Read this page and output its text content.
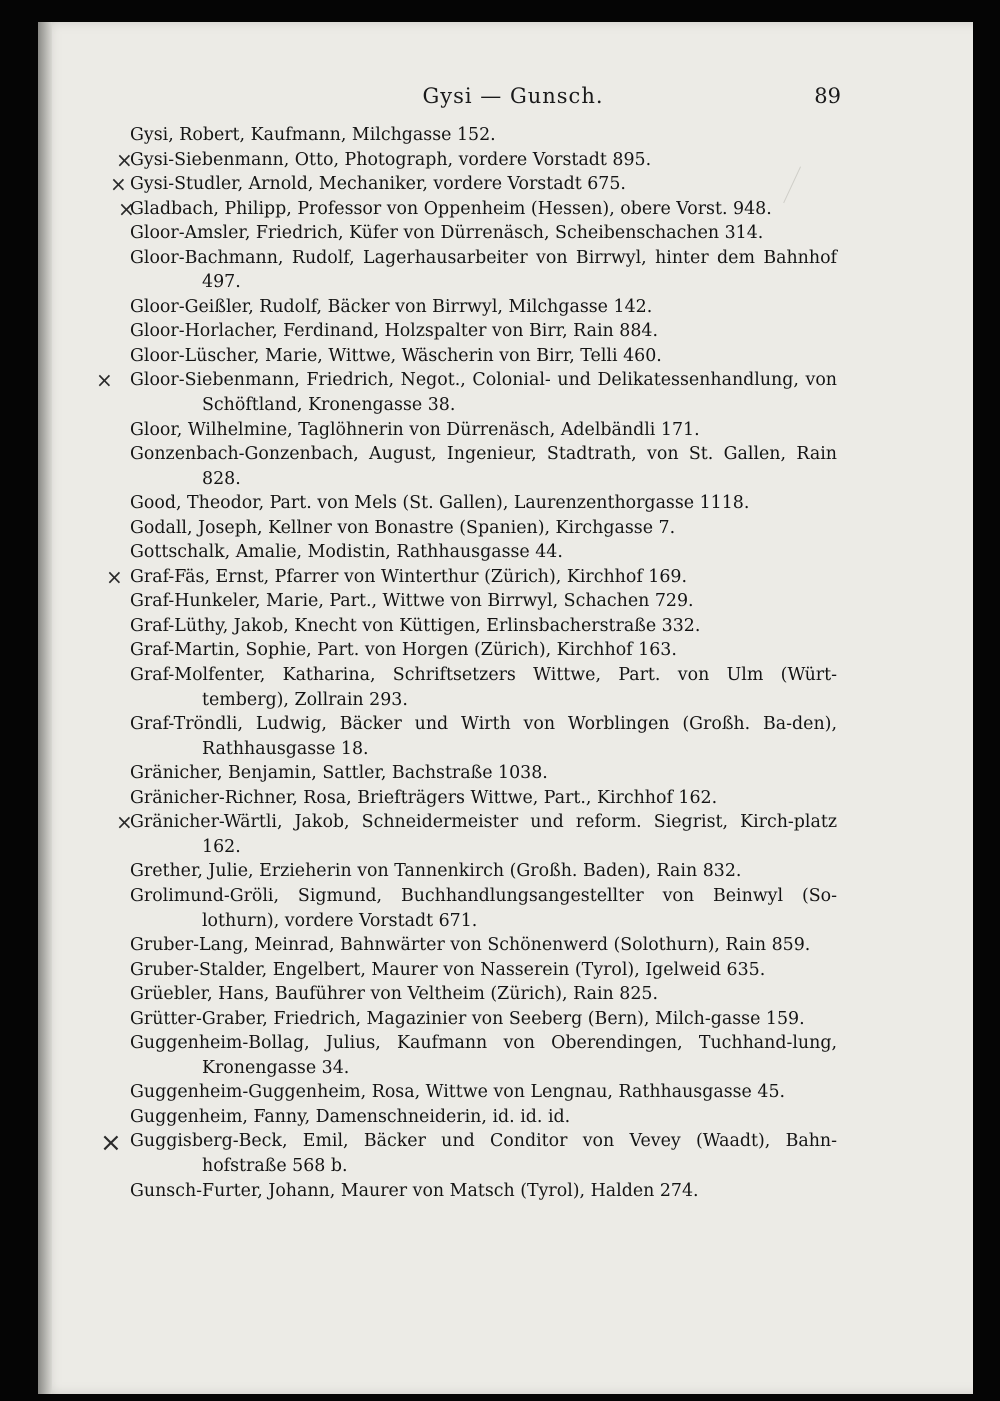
Gysi — Gunsch.	89
Gysi, Robert, Kaufmann, Milchgasse 152.
×
Gysi-Siebenmann, Otto, Photograph, vordere Vorstadt 895.
× Gysi-Studler, Arnold, Mechaniker, vordere Vorstadt 675.
×
Gladbach, Philipp, Professor von Oppenheim (Hessen), obere Vorst. 948.
Gloor-Amsler, Friedrich, Küfer von Dürrenäsch, Scheibenschachen 314.
Gloor-Bachmann, Rudolf, Lagerhausarbeiter von Birrwyl, hinter dem Bahnhof 497.
Gloor-Geißler, Rudolf, Bäcker von Birrwyl, Milchgasse 142.
Gloor-Horlacher, Ferdinand, Holzspalter von Birr, Rain 884.
Gloor-Lüscher, Marie, Wittwe, Wäscherin von Birr, Telli 460.
× Gloor-Siebenmann, Friedrich, Negot., Colonial- und Delikatessenhandlung, von Schöftland, Kronengasse 38.
Gloor, Wilhelmine, Taglöhnerin von Dürrenäsch, Adelbändli 171.
Gonzenbach-Gonzenbach, August, Ingenieur, Stadtrath, von St. Gallen, Rain 828.
Good, Theodor, Part. von Mels (St. Gallen), Laurenzenthorgasse 1118.
Godall, Joseph, Kellner von Bonastre (Spanien), Kirchgasse 7.
Gottschalk, Amalie, Modistin, Rathhausgasse 44.
× Graf-Fäs, Ernst, Pfarrer von Winterthur (Zürich), Kirchhof 169.
Graf-Hunkeler, Marie, Part., Wittwe von Birrwyl, Schachen 729.
Graf-Lüthy, Jakob, Knecht von Küttigen, Erlinsbacherstraße 332.
Graf-Martin, Sophie, Part. von Horgen (Zürich), Kirchhof 163.
Graf-Molfenter, Katharina, Schriftsetzers Wittwe, Part. von Ulm (Würt-temberg), Zollrain 293.
Graf-Tröndli, Ludwig, Bäcker und Wirth von Worblingen (Großh. Ba-den), Rathhausgasse 18.
Gränicher, Benjamin, Sattler, Bachstraße 1038.
Gränicher-Richner, Rosa, Briefträgers Wittwe, Part., Kirchhof 162.
×
Gränicher-Wärtli, Jakob, Schneidermeister und reform. Siegrist, Kirch-platz 162.
Grether, Julie, Erzieherin von Tannenkirch (Großh. Baden), Rain 832.
Grolimund-Gröli, Sigmund, Buchhandlungsangestellter von Beinwyl (So-lothurn), vordere Vorstadt 671.
Gruber-Lang, Meinrad, Bahnwärter von Schönenwerd (Solothurn), Rain 859.
Gruber-Stalder, Engelbert, Maurer von Nasserein (Tyrol), Igelweid 635.
Grüebler, Hans, Bauführer von Veltheim (Zürich), Rain 825.
Grütter-Graber, Friedrich, Magazinier von Seeberg (Bern), Milch-gasse 159.
Guggenheim-Bollag, Julius, Kaufmann von Oberendingen, Tuchhand-lung, Kronengasse 34.
Guggenheim-Guggenheim, Rosa, Wittwe von Lengnau, Rathhausgasse 45.
Guggenheim, Fanny, Damenschneiderin, id. id. id.
× Guggisberg-Beck, Emil, Bäcker und Conditor von Vevey (Waadt), Bahn-hofstraße 568 b.
Gunsch-Furter, Johann, Maurer von Matsch (Tyrol), Halden 274.
